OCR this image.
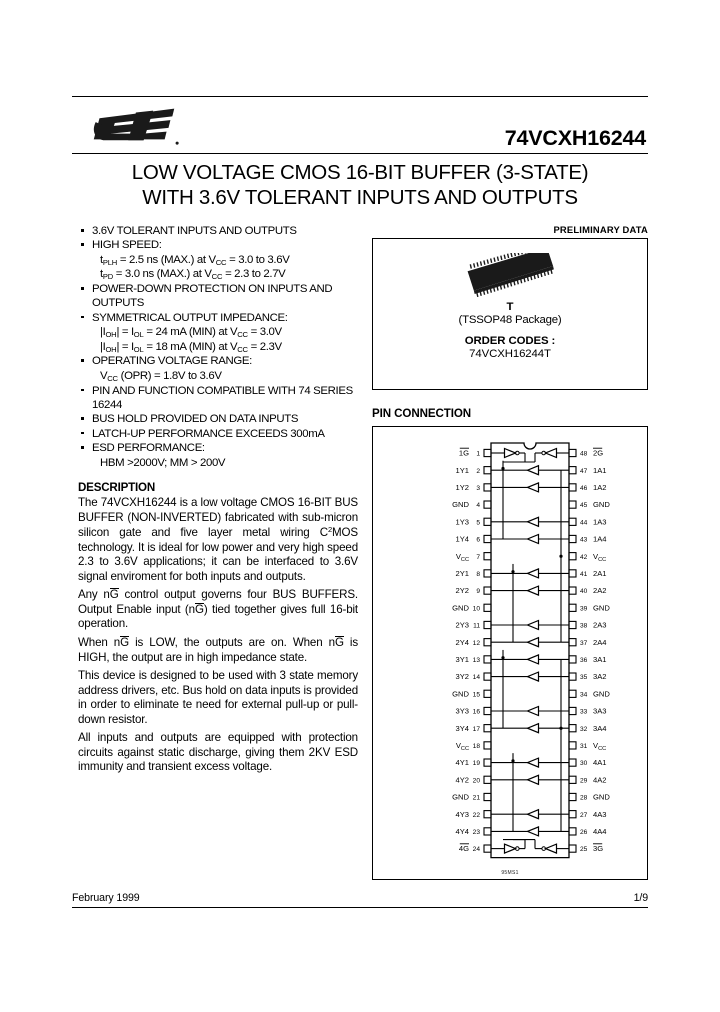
74VCXH16244
LOW VOLTAGE CMOS 16-BIT BUFFER (3-STATE)
WITH 3.6V TOLERANT INPUTS AND OUTPUTS
3.6V TOLERANT INPUTS AND OUTPUTS
HIGH SPEED:
$t_{PLH} = 2.5$ ns (MAX.) at $V_{CC} = 3.0$ to 3.6V
$t_{PD} = 3.0$ ns (MAX.) at $V_{CC} = 2.3$ to 2.7V
POWER-DOWN PROTECTION ON INPUTS AND OUTPUTS
SYMMETRICAL OUTPUT IMPEDANCE:
$|I_{OH}| = I_{OL} = 24$ mA (MIN) at $V_{CC} = 3.0V$
$|I_{OH}| = I_{OL} = 18$ mA (MIN) at $V_{CC} = 2.3V$
OPERATING VOLTAGE RANGE:
$V_{CC}$ (OPR) = 1.8V to 3.6V
PIN AND FUNCTION COMPATIBLE WITH 74 SERIES 16244
BUS HOLD PROVIDED ON DATA INPUTS
LATCH-UP PERFORMANCE EXCEEDS 300mA
ESD PERFORMANCE:
HBM >2000V; MM > 200V
DESCRIPTION

The 74VCXH16244 is a low voltage CMOS 16-BIT BUS BUFFER (NON-INVERTED) fabricated with sub-micron silicon gate and five layer metal wiring $C^2MOS$ technology. It is ideal for low power and very high speed 2.3 to 3.6V applications; it can be interfaced to 3.6V signal enviroment for both inputs and outputs.

Any nG control output governs four BUS BUFFERS. Output Enable input (nG) tied together gives full 16-bit operation.

When nG is LOW, the outputs are on. When nG is HIGH, the output are in high impedance state.

This device is designed to be used with 3 state memory address drivers, etc. Bus hold on data inputs is provided in order to eliminate te need for external pull-up or pull-down resistor.

All inputs and outputs are equipped with protection circuits against static discharge, giving them 2KV ESD immunity and transient excess voltage.

PRELIMINARY DATA
T
(TSSOP48 Package)
ORDER CODES :
74VCXH16244T
PIN CONNECTION
1
1G	48 2G
2
1Y1	47 1A1
3
1Y2	46 1A2
4
GND	45 GND
5
1Y3	44 1A3
6
1Y4	43 1A4
7
$V_{CC}$	42 $V_{CC}$
8
2Y1	41 2A1
9
2Y2	40 2A2
10
GND	39 GND
11
2Y3	38 2A3
12
2Y4	37 2A4
13
3Y1	36 3A1
14
3Y2	35 3A2
15
GND	34 GND
16
3Y3	33 3A3
17
3Y4	32 3A4
18
$V_{CC}$	31 $V_{CC}$
19
4Y1	30 4A1
20
4Y2	29 4A2
21
GND	28 GND
22
4Y3	27 4A3
23
4Y4	26 4A4
24
4G	25 3G
95MS1
February 1999	1/9
